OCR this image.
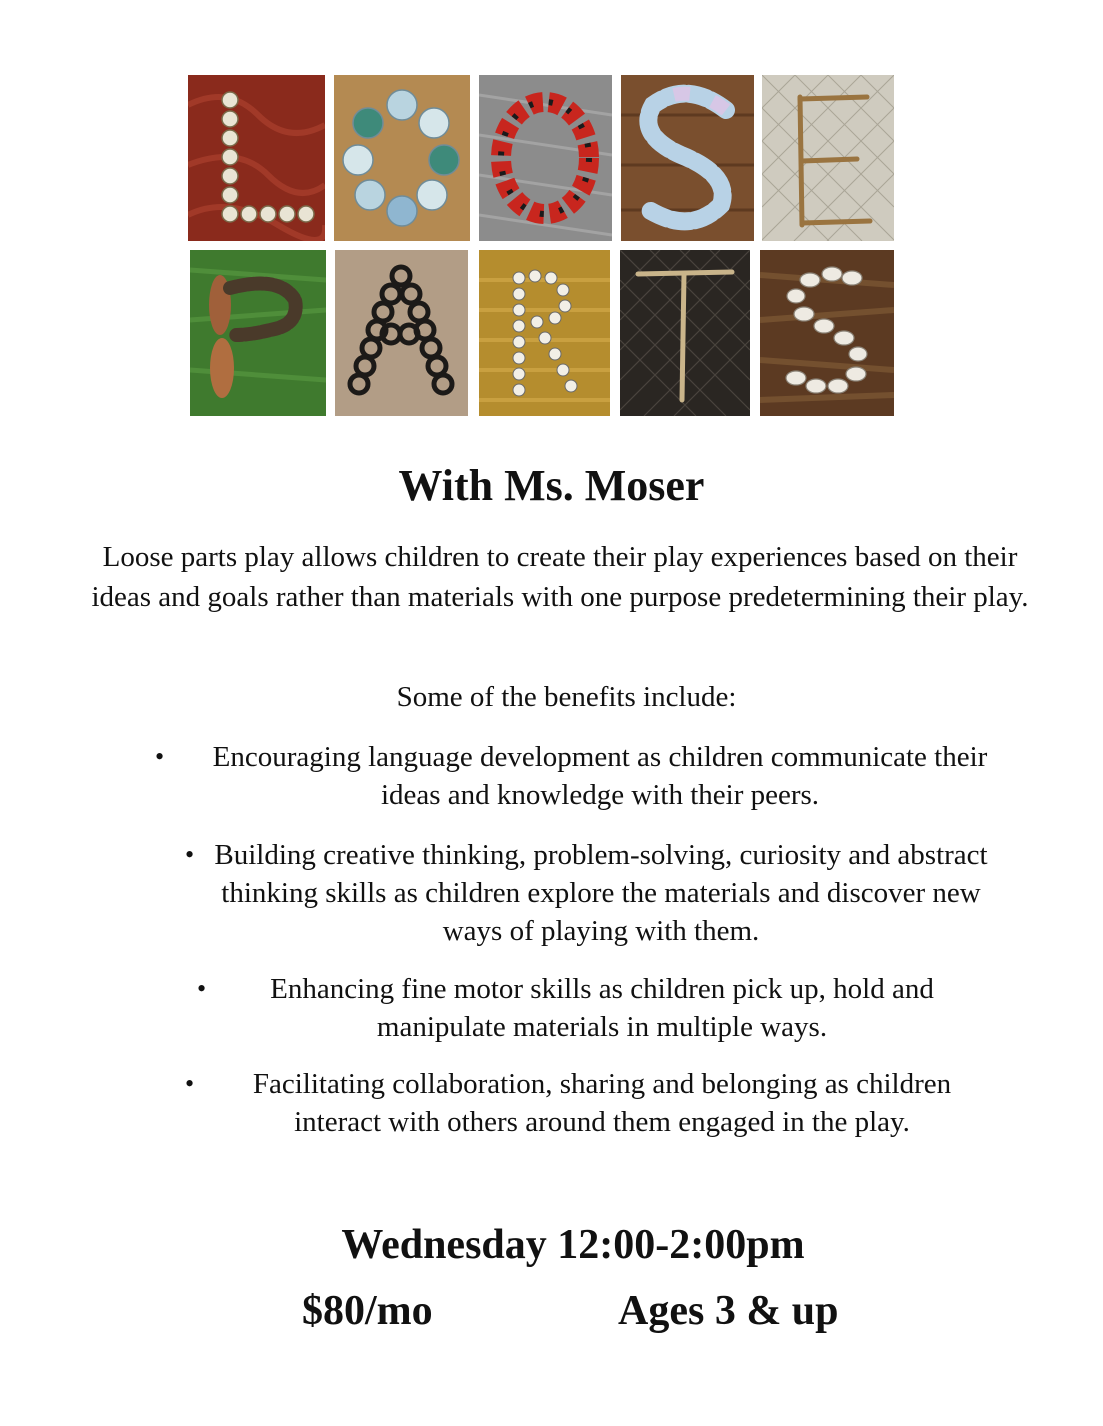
With Ms. Moser

Loose parts play allows children to create their play experiences based on their ideas and goals rather than materials with one purpose predetermining their play.

Some of the benefits include:

•	Encouraging language development as children communicate their ideas and knowledge with their peers.

• Building creative thinking, problem-solving, curiosity and abstract thinking skills as children explore the materials and discover new ways of playing with them.

•	Enhancing fine motor skills as children pick up, hold and manipulate materials in multiple ways.

•	Facilitating collaboration, sharing and belonging as children interact with others around them engaged in the play.

Wednesday 12:00-2:00pm

$80/mo	Ages 3 & up
